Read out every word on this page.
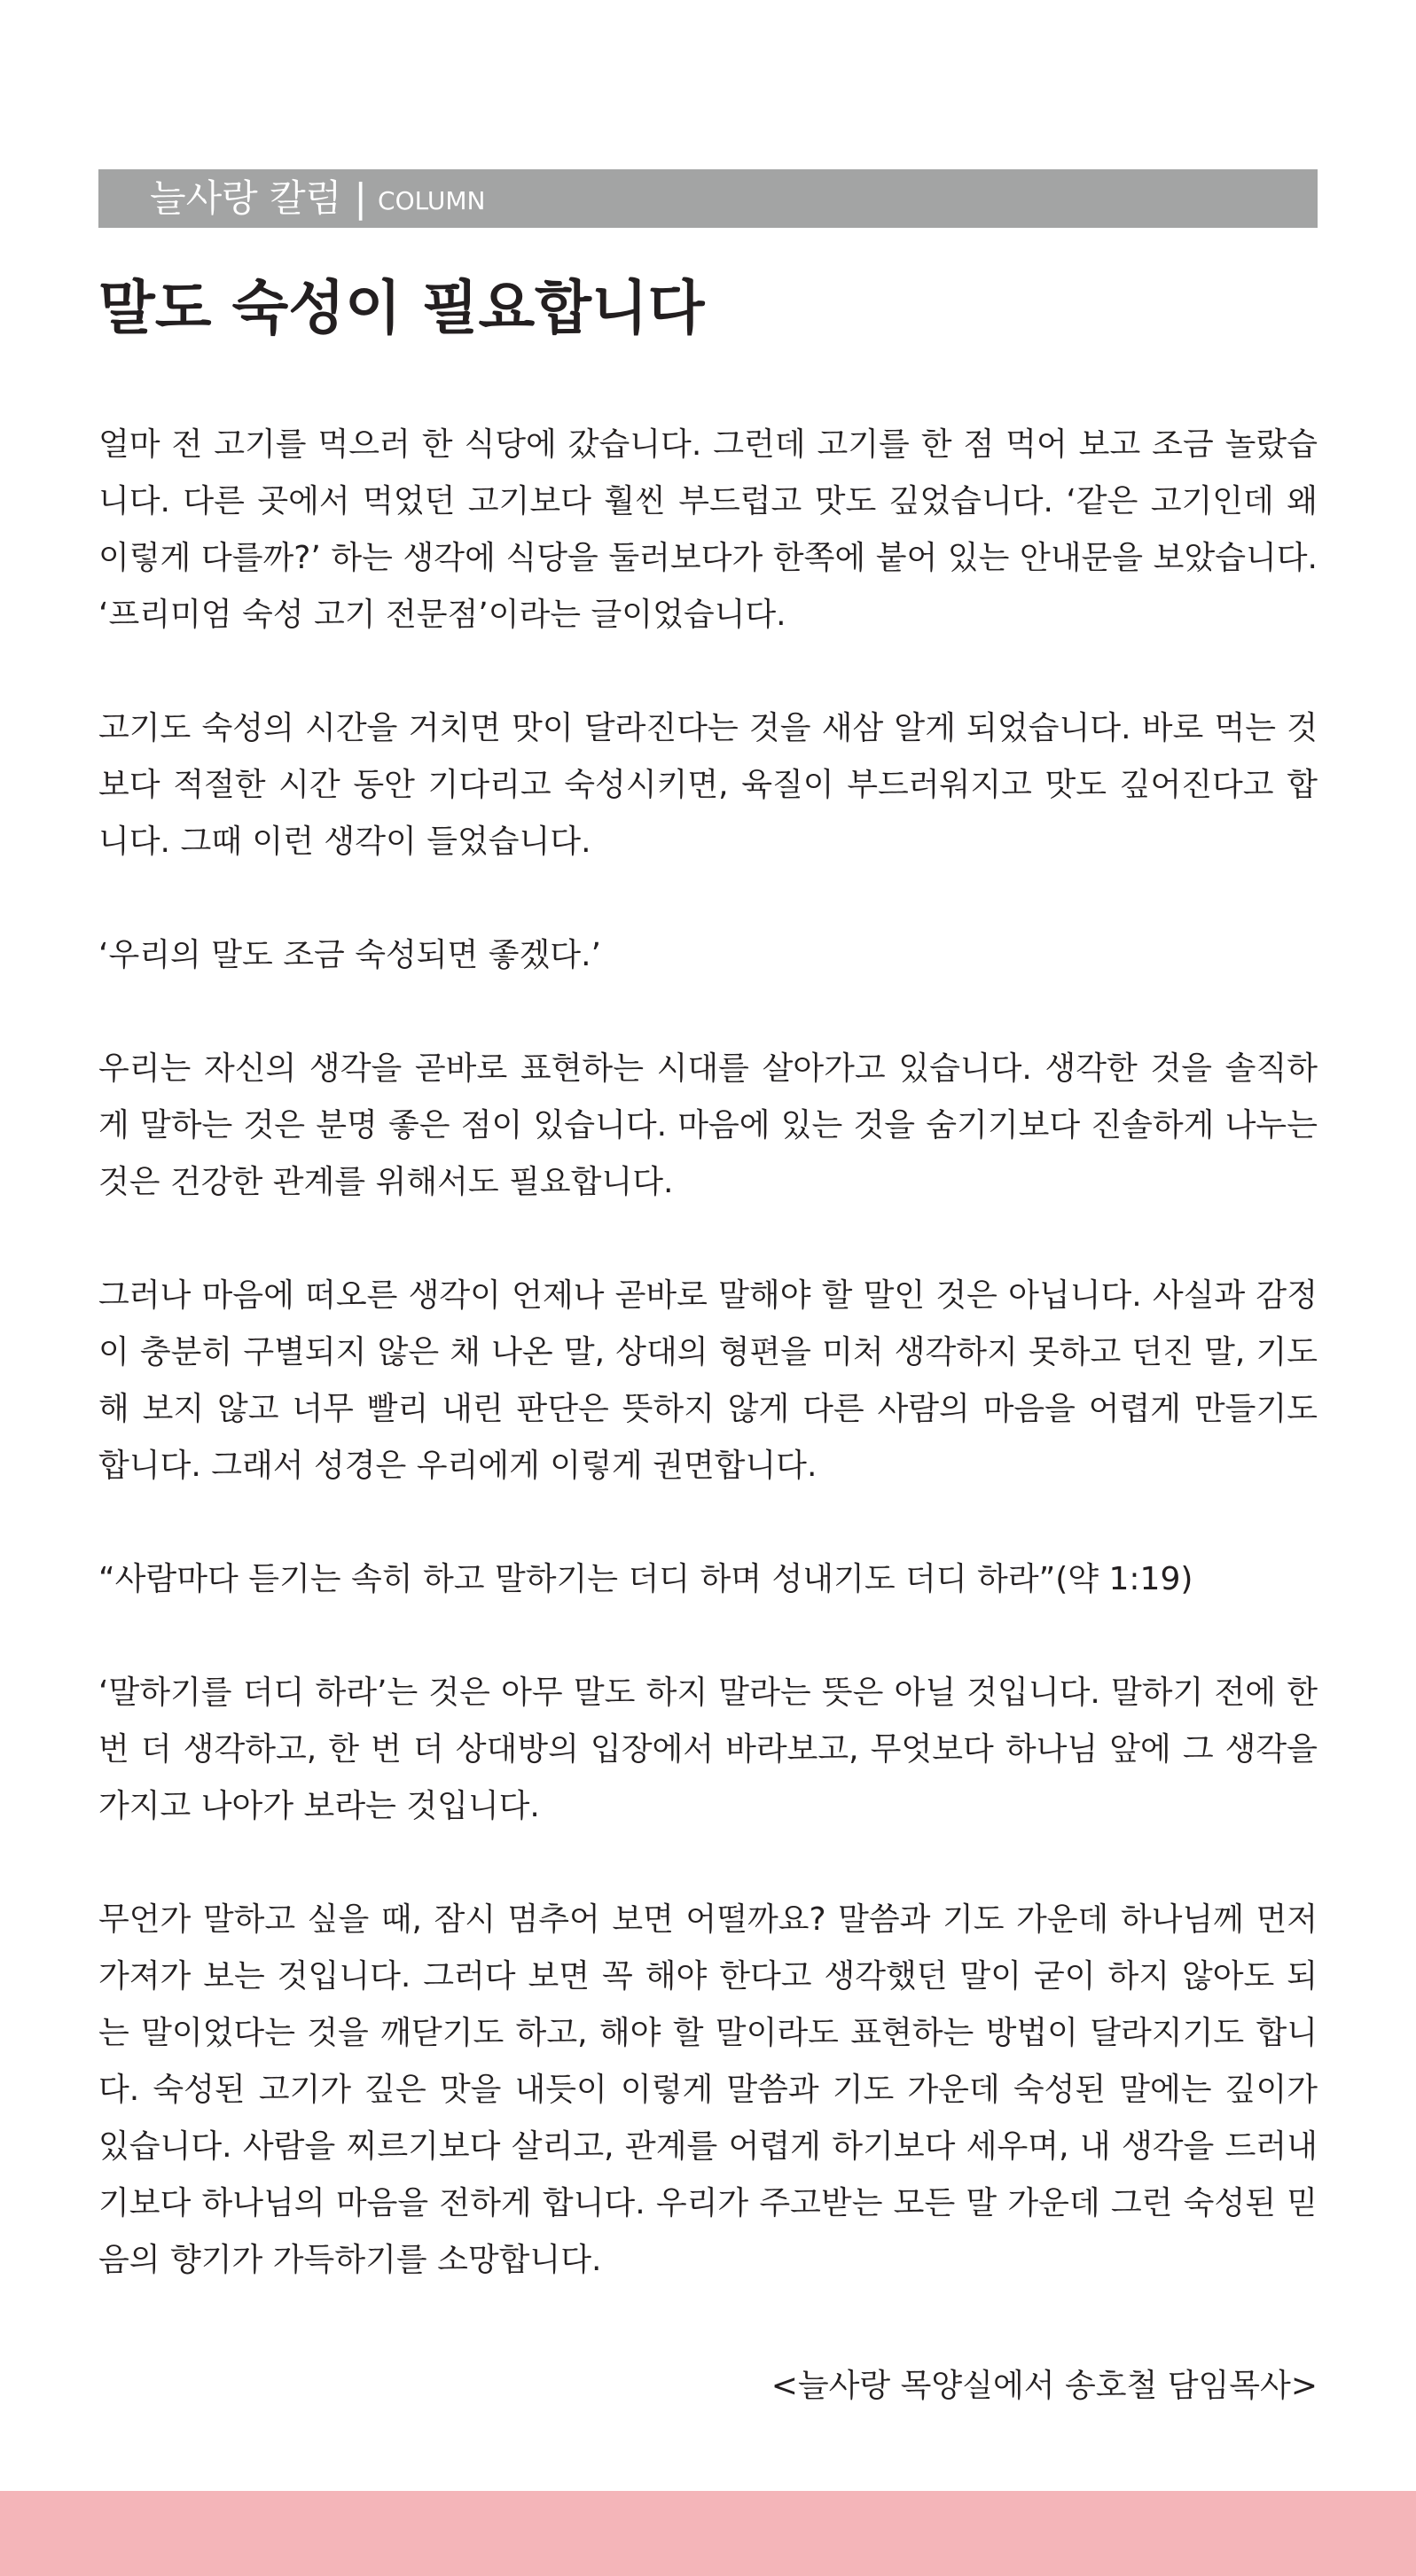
늘사랑 칼럼 | COLUMN
말도 숙성이 필요합니다

얼마 전 고기를 먹으러 한 식당에 갔습니다. 그런데 고기를 한 점 먹어 보고 조금 놀랐습니다. 다른 곳에서 먹었던 고기보다 훨씬 부드럽고 맛도 깊었습니다. ‘같은 고기인데 왜 이렇게 다를까?’ 하는 생각에 식당을 둘러보다가 한쪽에 붙어 있는 안내문을 보았습니다. ‘프리미엄 숙성 고기 전문점’이라는 글이었습니다.

고기도 숙성의 시간을 거치면 맛이 달라진다는 것을 새삼 알게 되었습니다. 바로 먹는 것보다 적절한 시간 동안 기다리고 숙성시키면, 육질이 부드러워지고 맛도 깊어진다고 합니다. 그때 이런 생각이 들었습니다.

‘우리의 말도 조금 숙성되면 좋겠다.’

우리는 자신의 생각을 곧바로 표현하는 시대를 살아가고 있습니다. 생각한 것을 솔직하게 말하는 것은 분명 좋은 점이 있습니다. 마음에 있는 것을 숨기기보다 진솔하게 나누는 것은 건강한 관계를 위해서도 필요합니다.

그러나 마음에 떠오른 생각이 언제나 곧바로 말해야 할 말인 것은 아닙니다. 사실과 감정이 충분히 구별되지 않은 채 나온 말, 상대의 형편을 미처 생각하지 못하고 던진 말, 기도해 보지 않고 너무 빨리 내린 판단은 뜻하지 않게 다른 사람의 마음을 어렵게 만들기도 합니다. 그래서 성경은 우리에게 이렇게 권면합니다.

“사람마다 듣기는 속히 하고 말하기는 더디 하며 성내기도 더디 하라”(약 1:19)

‘말하기를 더디 하라’는 것은 아무 말도 하지 말라는 뜻은 아닐 것입니다. 말하기 전에 한 번 더 생각하고, 한 번 더 상대방의 입장에서 바라보고, 무엇보다 하나님 앞에 그 생각을 가지고 나아가 보라는 것입니다.

무언가 말하고 싶을 때, 잠시 멈추어 보면 어떨까요? 말씀과 기도 가운데 하나님께 먼저 가져가 보는 것입니다. 그러다 보면 꼭 해야 한다고 생각했던 말이 굳이 하지 않아도 되는 말이었다는 것을 깨닫기도 하고, 해야 할 말이라도 표현하는 방법이 달라지기도 합니다. 숙성된 고기가 깊은 맛을 내듯이 이렇게 말씀과 기도 가운데 숙성된 말에는 깊이가 있습니다. 사람을 찌르기보다 살리고, 관계를 어렵게 하기보다 세우며, 내 생각을 드러내기보다 하나님의 마음을 전하게 합니다. 우리가 주고받는 모든 말 가운데 그런 숙성된 믿음의 향기가 가득하기를 소망합니다.

<늘사랑 목양실에서 송호철 담임목사>
